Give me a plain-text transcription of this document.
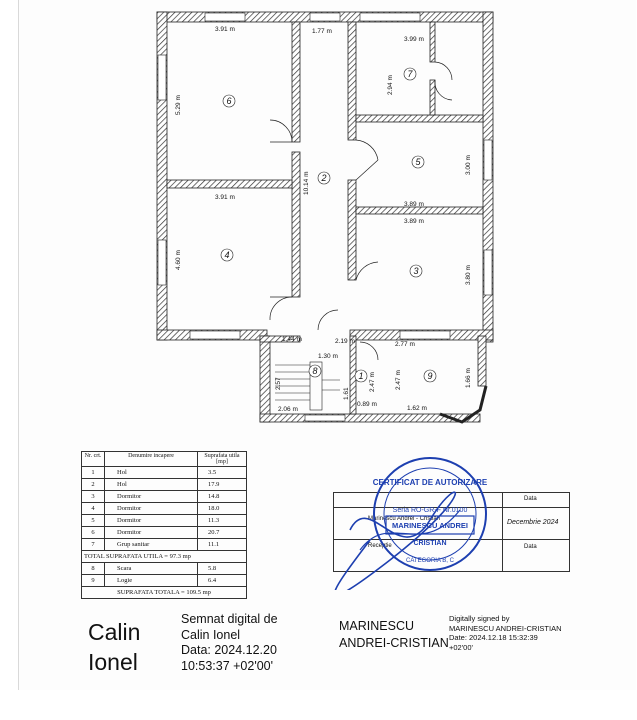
3.91 m	1.77 m
3.99 m
5.29 m
10.14 m
2.94 m
3.00 m
3.91 m
3.89 m
3.89 m
4.60 m
3.80 m
1.44 m	2.19 m	2.77 m
1.30 m
2.47 m
2.57	2.47 m	1.66 m
1.61
2.06 m
0.89 m
1.62 m
6
2
7
5
4
3
8	1	9
Nr. crt.	Denumire incapere	Suprafata utila [mp]
1	Hol	3.5
2	Hol	17.9
3	Dormitor	14.8
4	Dormitor	18.0
5	Dormitor	11.3
6	Dormitor	20.7
7	Grup sanitar	11.1
TOTAL SUPRAFATA UTILA = 97.3 mp		
8	Scara	5.8
9	Logie	6.4
SUPRAFATA TOTALA = 109.5 mp		
Data
Marinescu Andrei - Cristian	Decembrie 2024
Data
Receptie
CERTIFICAT DE AUTORIZARE
Seria RO-GR-F Nr.0100
MARINESCU ANDREI
CRISTIAN
CATEGORIA B, C
Calin
Ionel
Semnat digital de
Calin Ionel
Data: 2024.12.20
10:53:37 +02'00'
MARINESCU
ANDREI-CRISTIAN
Digitally signed by
MARINESCU ANDREI-CRISTIAN
Date: 2024.12.18 15:32:39
+02'00'
